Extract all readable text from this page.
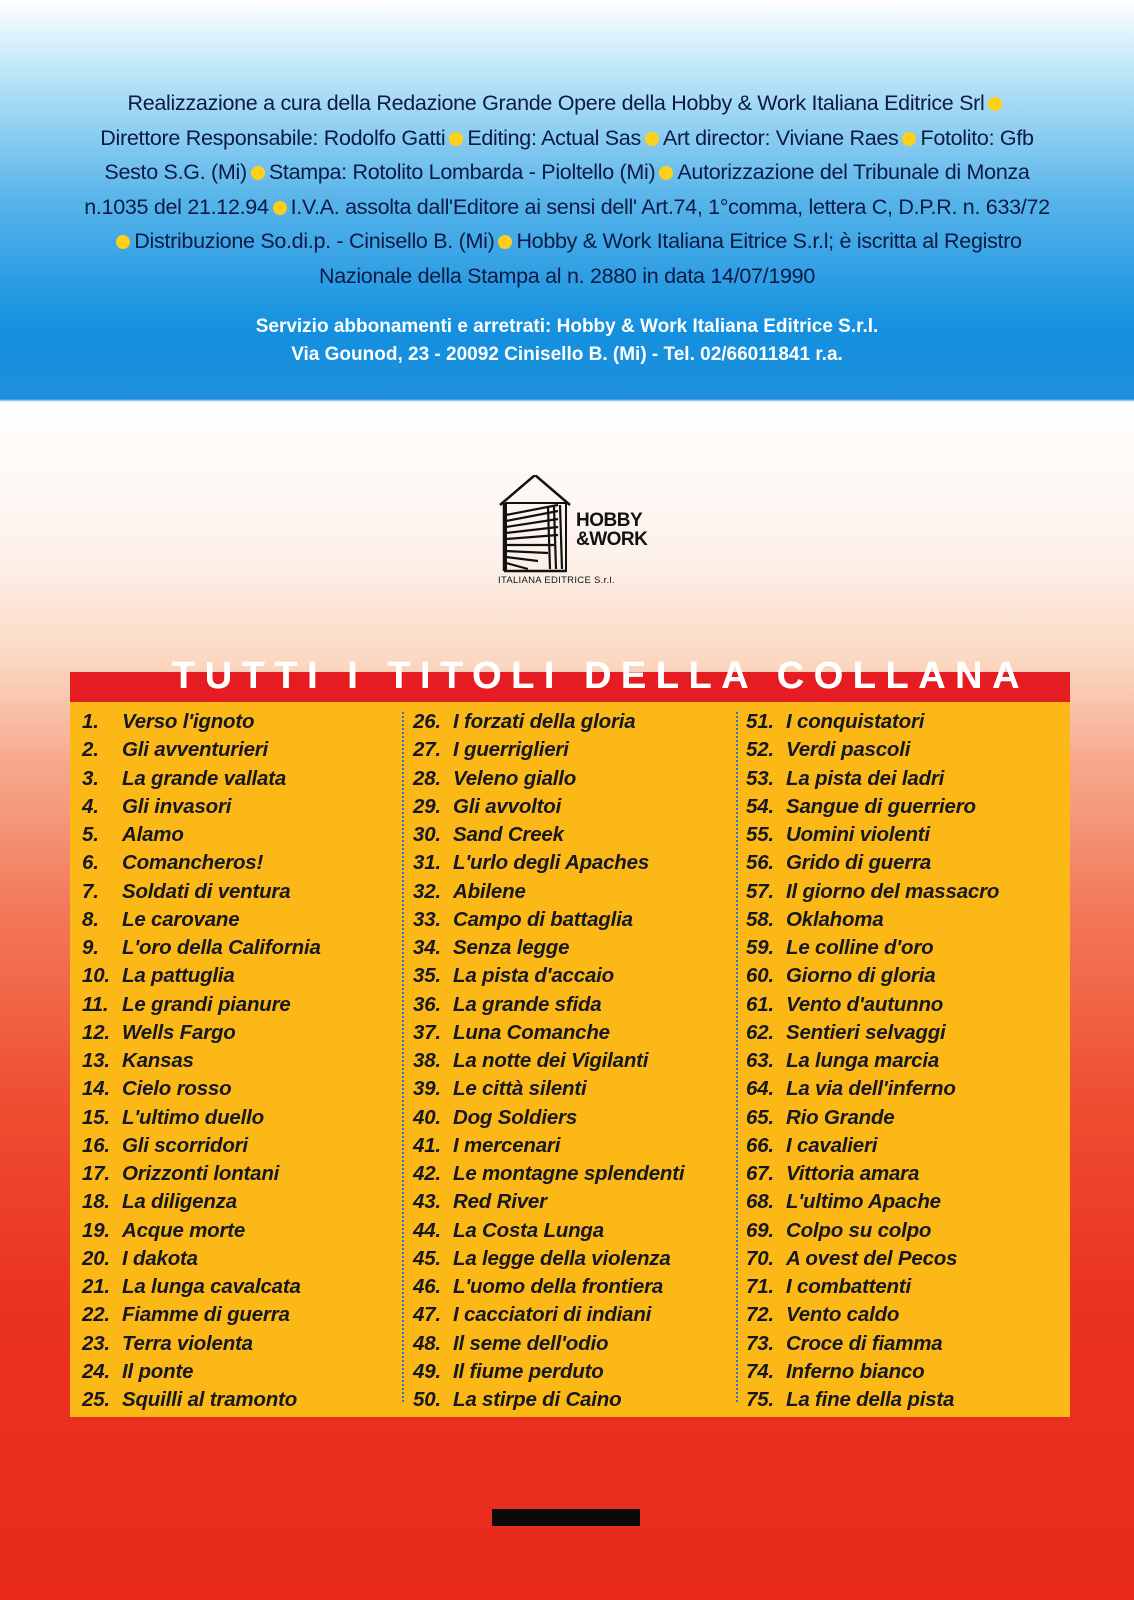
Realizzazione a cura della Redazione Grande Opere della Hobby & Work Italiana Editrice Srl
Direttore Responsabile: Rodolfo Gatti Editing: Actual Sas Art director: Viviane Raes Fotolito: Gfb Sesto S.G. (Mi) Stampa: Rotolito Lombarda - Pioltello (Mi) Autorizzazione del Tribunale di Monza n.1035 del 21.12.94 I.V.A. assolta dall'Editore ai sensi dell' Art.74, 1°comma, lettera C, D.P.R. n. 633/72Distribuzione So.di.p. - Cinisello B. (Mi) Hobby & Work Italiana Eitrice S.r.l; è iscritta al Registro Nazionale della Stampa al n. 2880 in data 14/07/1990
Servizio abbonamenti e arretrati: Hobby & Work Italiana Editrice S.r.l.
Via Gounod, 23 - 20092 Cinisello B. (Mi) - Tel. 02/66011841 r.a.
HOBBY
&WORK
ITALIANA EDITRICE S.r.l.
TUTTI I TITOLI DELLA COLLANA
1. Verso l'ignoto
2. Gli avventurieri
3. La grande vallata
4. Gli invasori
5. Alamo
6. Comancheros!
7. Soldati di ventura
8. Le carovane
9. L'oro della California
10. La pattuglia
11. Le grandi pianure
12. Wells Fargo
13. Kansas
14. Cielo rosso
15. L'ultimo duello
16. Gli scorridori
17. Orizzonti lontani
18. La diligenza
19. Acque morte
20. I dakota
21. La lunga cavalcata
22. Fiamme di guerra
23. Terra violenta
24. Il ponte
25. Squilli al tramonto
26. I forzati della gloria
27. I guerriglieri
28. Veleno giallo
29. Gli avvoltoi
30. Sand Creek
31. L'urlo degli Apaches
32. Abilene
33. Campo di battaglia
34. Senza legge
35. La pista d'accaio
36. La grande sfida
37. Luna Comanche
38. La notte dei Vigilanti
39. Le città silenti
40. Dog Soldiers
41. I mercenari
42. Le montagne splendenti
43. Red River
44. La Costa Lunga
45. La legge della violenza
46. L'uomo della frontiera
47. I cacciatori di indiani
48. Il seme dell'odio
49. Il fiume perduto
50. La stirpe di Caino
51. I conquistatori
52. Verdi pascoli
53. La pista dei ladri
54. Sangue di guerriero
55. Uomini violenti
56. Grido di guerra
57. Il giorno del massacro
58. Oklahoma
59. Le colline d'oro
60. Giorno di gloria
61. Vento d'autunno
62. Sentieri selvaggi
63. La lunga marcia
64. La via dell'inferno
65. Rio Grande
66. I cavalieri
67. Vittoria amara
68. L'ultimo Apache
69. Colpo su colpo
70. A ovest del Pecos
71. I combattenti
72. Vento caldo
73. Croce di fiamma
74. Inferno bianco
75. La fine della pista
